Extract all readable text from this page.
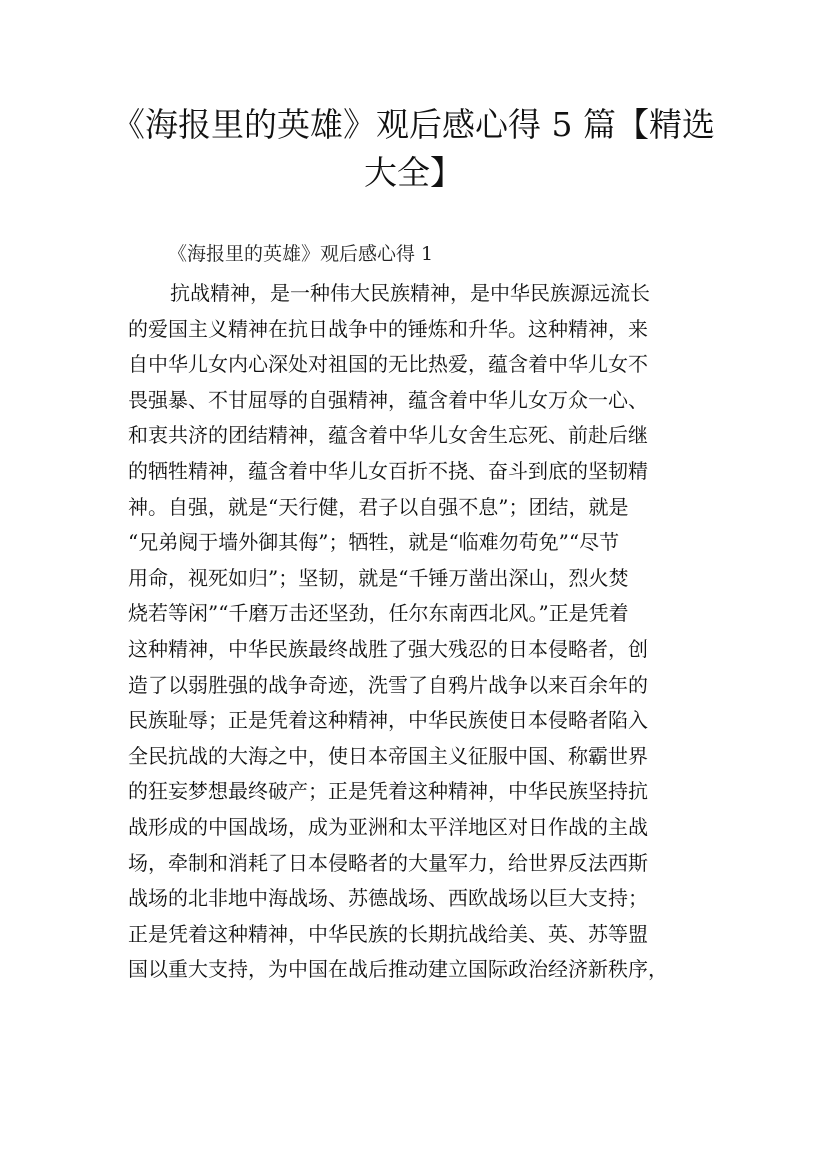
《海报里的英雄》观后感心得 5 篇【精选大全】

《海报里的英雄》观后感心得 1

抗战精神，是一种伟大民族精神，是中华民族源远流长
的爱国主义精神在抗日战争中的锤炼和升华。这种精神，来
自中华儿女内心深处对祖国的无比热爱，蕴含着中华儿女不
畏强暴、不甘屈辱的自强精神，蕴含着中华儿女万众一心、
和衷共济的团结精神，蕴含着中华儿女舍生忘死、前赴后继
的牺牲精神，蕴含着中华儿女百折不挠、奋斗到底的坚韧精
神。自强，就是“天行健，君子以自强不息”；团结，就是
“兄弟阋于墙外御其侮”；牺牲，就是“临难勿苟免”“尽节
用命，视死如归”；坚韧，就是“千锤万凿出深山，烈火焚
烧若等闲”“千磨万击还坚劲，任尔东南西北风。”正是凭着
这种精神，中华民族最终战胜了强大残忍的日本侵略者，创
造了以弱胜强的战争奇迹，洗雪了自鸦片战争以来百余年的
民族耻辱；正是凭着这种精神，中华民族使日本侵略者陷入
全民抗战的大海之中，使日本帝国主义征服中国、称霸世界
的狂妄梦想最终破产；正是凭着这种精神，中华民族坚持抗
战形成的中国战场，成为亚洲和太平洋地区对日作战的主战
场，牵制和消耗了日本侵略者的大量军力，给世界反法西斯
战场的北非地中海战场、苏德战场、西欧战场以巨大支持；
正是凭着这种精神，中华民族的长期抗战给美、英、苏等盟
国以重大支持，为中国在战后推动建立国际政治经济新秩序，
